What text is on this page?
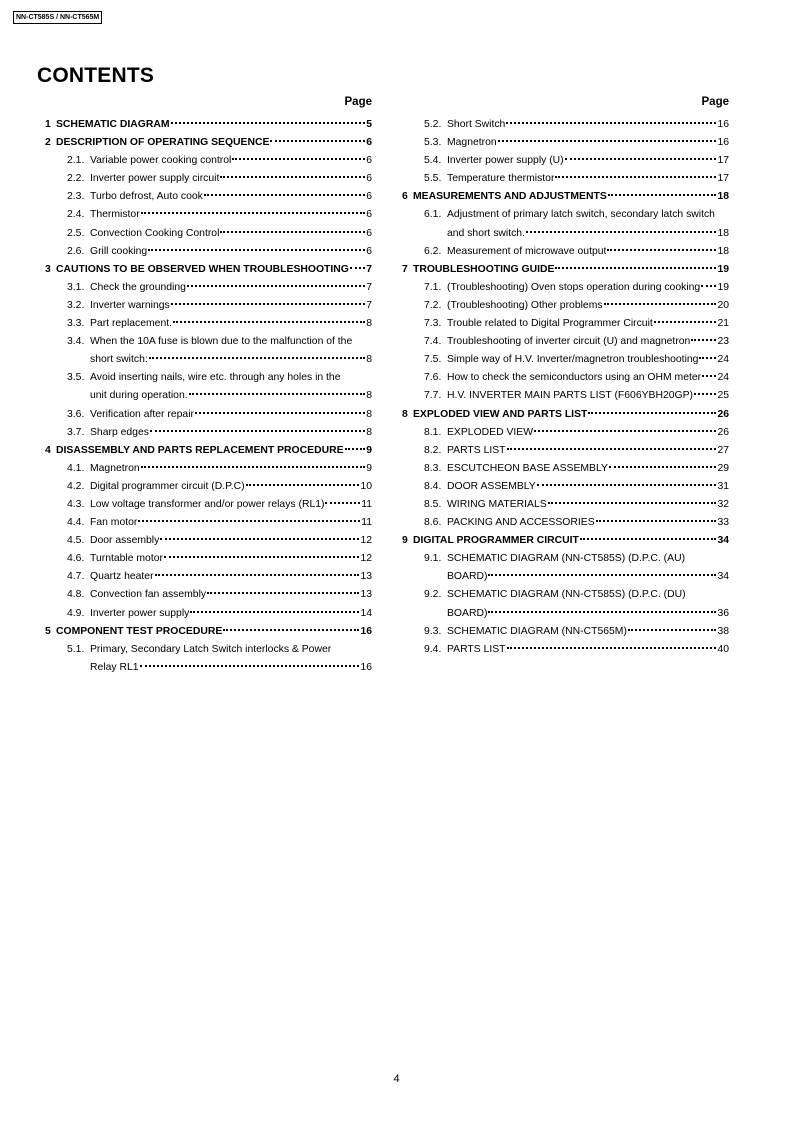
NN-CT585S / NN-CT565M
CONTENTS
Page
1 SCHEMATIC DIAGRAM	5
2 DESCRIPTION OF OPERATING SEQUENCE	6
2.1. Variable power cooking control	6
2.2. Inverter power supply circuit	6
2.3. Turbo defrost, Auto cook	6
2.4. Thermistor	6
2.5. Convection Cooking Control	6
2.6. Grill cooking	6
3 CAUTIONS TO BE OBSERVED WHEN TROUBLESHOOTING 7
3.1. Check the grounding	7
3.2. Inverter warnings	7
3.3. Part replacement.	8
3.4. When the 10A fuse is blown due to the malfunction of the
short switch:	8
3.5. Avoid inserting nails, wire etc. through any holes in the
unit during operation.	8
3.6. Verification after repair	8
3.7. Sharp edges	8
4 DISASSEMBLY AND PARTS REPLACEMENT PROCEDURE 9
4.1. Magnetron	9
4.2. Digital programmer circuit (D.P.C)	10
4.3. Low voltage transformer and/or power relays (RL1)	11
4.4. Fan motor	11
4.5. Door assembly	12
4.6. Turntable motor	12
4.7. Quartz heater	13
4.8. Convection fan assembly	13
4.9. Inverter power supply	14
5 COMPONENT TEST PROCEDURE	16
5.1. Primary, Secondary Latch Switch interlocks & Power
Relay RL1	16
Page
5.2. Short Switch	16
5.3. Magnetron	16
5.4. Inverter power supply (U)	17
5.5. Temperature thermistor	17
6 MEASUREMENTS AND ADJUSTMENTS	18
6.1. Adjustment of primary latch switch, secondary latch switch
and short switch.	18
6.2. Measurement of microwave output	18
7 TROUBLESHOOTING GUIDE	19
7.1. (Troubleshooting) Oven stops operation during cooking 19
7.2. (Troubleshooting) Other problems	20
7.3. Trouble related to Digital Programmer Circuit	21
7.4. Troubleshooting of inverter circuit (U) and magnetron	23
7.5. Simple way of H.V. Inverter/magnetron troubleshooting 24
7.6. How to check the semiconductors using an OHM meter 24
7.7. H.V. INVERTER MAIN PARTS LIST (F606YBH20GP) 25
8 EXPLODED VIEW AND PARTS LIST	26
8.1. EXPLODED VIEW	26
8.2. PARTS LIST	27
8.3. ESCUTCHEON BASE ASSEMBLY	29
8.4. DOOR ASSEMBLY	31
8.5. WIRING MATERIALS	32
8.6. PACKING AND ACCESSORIES	33
9 DIGITAL PROGRAMMER CIRCUIT	34
9.1. SCHEMATIC DIAGRAM (NN-CT585S) (D.P.C. (AU)
BOARD)	34
9.2. SCHEMATIC DIAGRAM (NN-CT585S) (D.P.C. (DU)
BOARD)	36
9.3. SCHEMATIC DIAGRAM (NN-CT565M)	38
9.4. PARTS LIST	40
4
